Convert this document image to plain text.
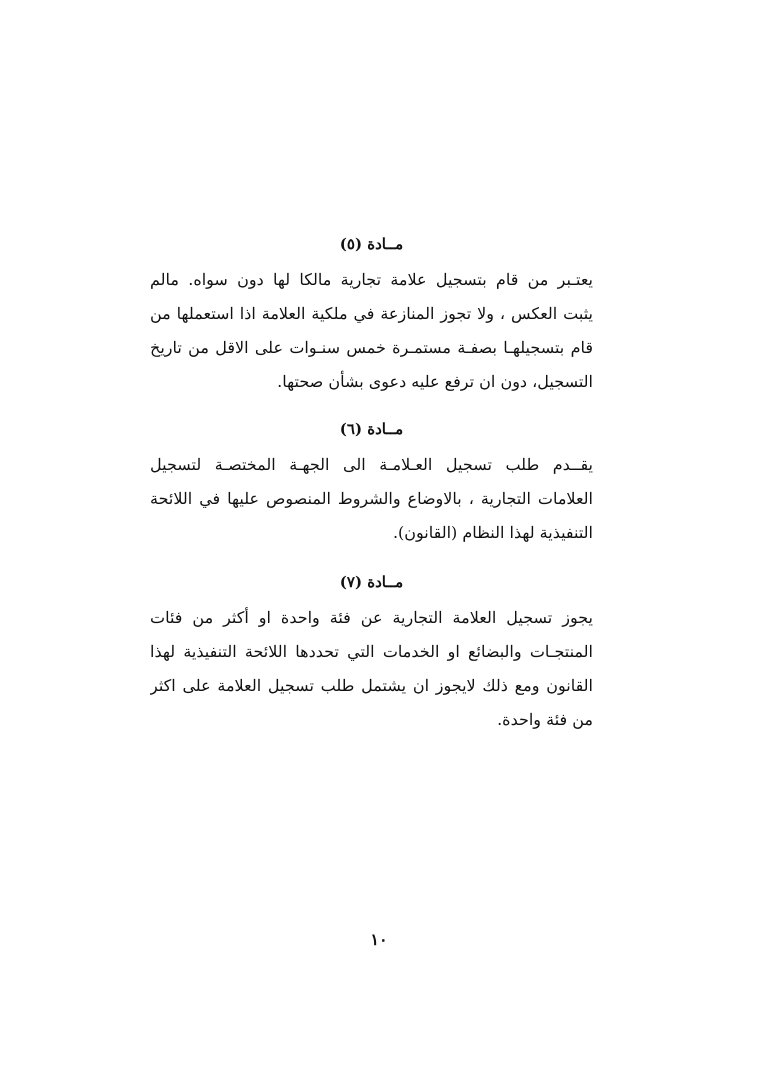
مــادة (٥)

يعتـبر من قام بتسجيل علامة تجارية مالكا لها دون سواه. مالم

يثبت العكس ، ولا تجوز المنازعة في ملكية العلامة اذا استعملها من

قام بتسجيلهـا بصفـة مستمـرة خمس سنـوات على الاقل من تاريخ

التسجيل، دون ان ترفع عليه دعوى بشأن صحتها.

مــادة (٦)

يقــدم طلب تسجيل العـلامـة الى الجهـة المختصـة لتسجيل

العلامات التجارية ، بالاوضاع والشروط المنصوص عليها في اللائحة

التنفيذية لهذا النظام (القانون).

مــادة (٧)

يجوز تسجيل العلامة التجارية عن فئة واحدة او أكثر من فئات

المنتجـات والبضائع او الخدمات التي تحددها اللائحة التنفيذية لهذا

القانون ومع ذلك لايجوز ان يشتمل طلب تسجيل العلامة على اكثر

من فئة واحدة.

١٠
